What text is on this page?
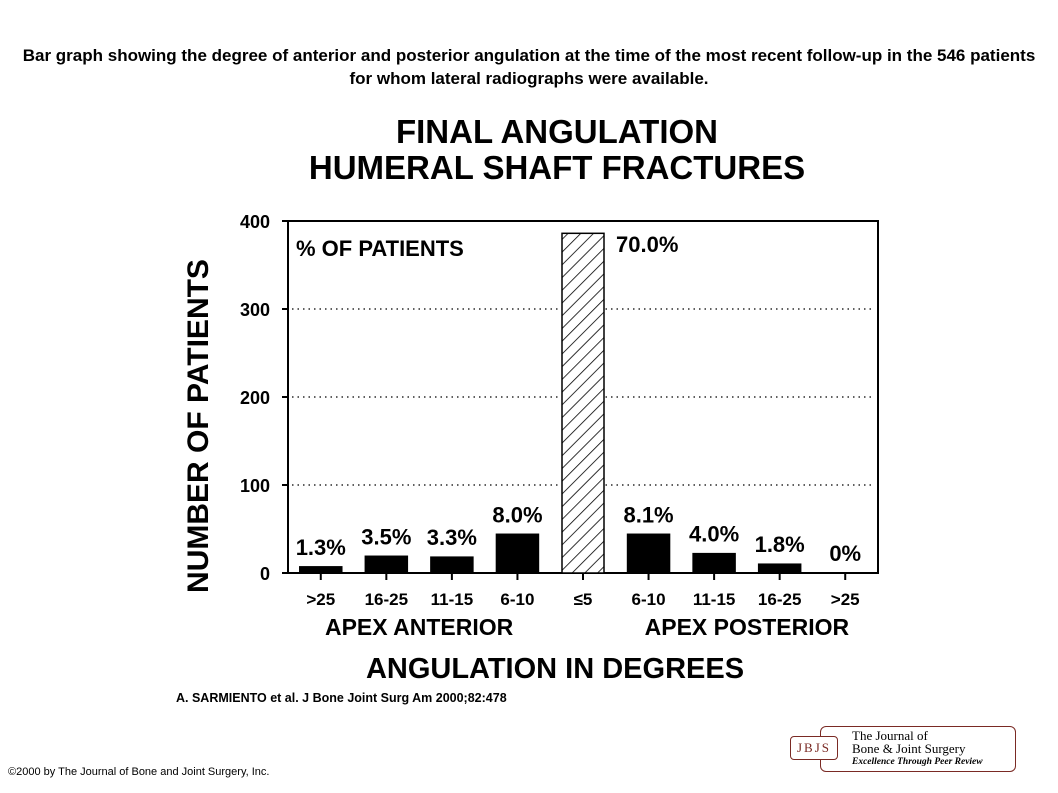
Bar graph showing the degree of anterior and posterior angulation at the time of the most recent follow-up in the 546 patients for whom lateral radiographs were available.
FINAL ANGULATION
HUMERAL SHAFT FRACTURES
NUMBER OF PATIENTS
ANGULATION IN DEGREES
0
100
200
300
400
% OF PATIENTS
>25
1.3%
16-25
3.5%
11-15
3.3%
6-10
8.0%
≤5
70.0%
6-10
8.1%
11-15
4.0%
16-25
1.8%
>25
0%
APEX ANTERIOR	APEX POSTERIOR
A. SARMIENTO et al. J Bone Joint Surg Am 2000;82:478
©2000 by The Journal of Bone and Joint Surgery, Inc.
JBJS
The Journal of
Bone & Joint Surgery
Excellence Through Peer Review
